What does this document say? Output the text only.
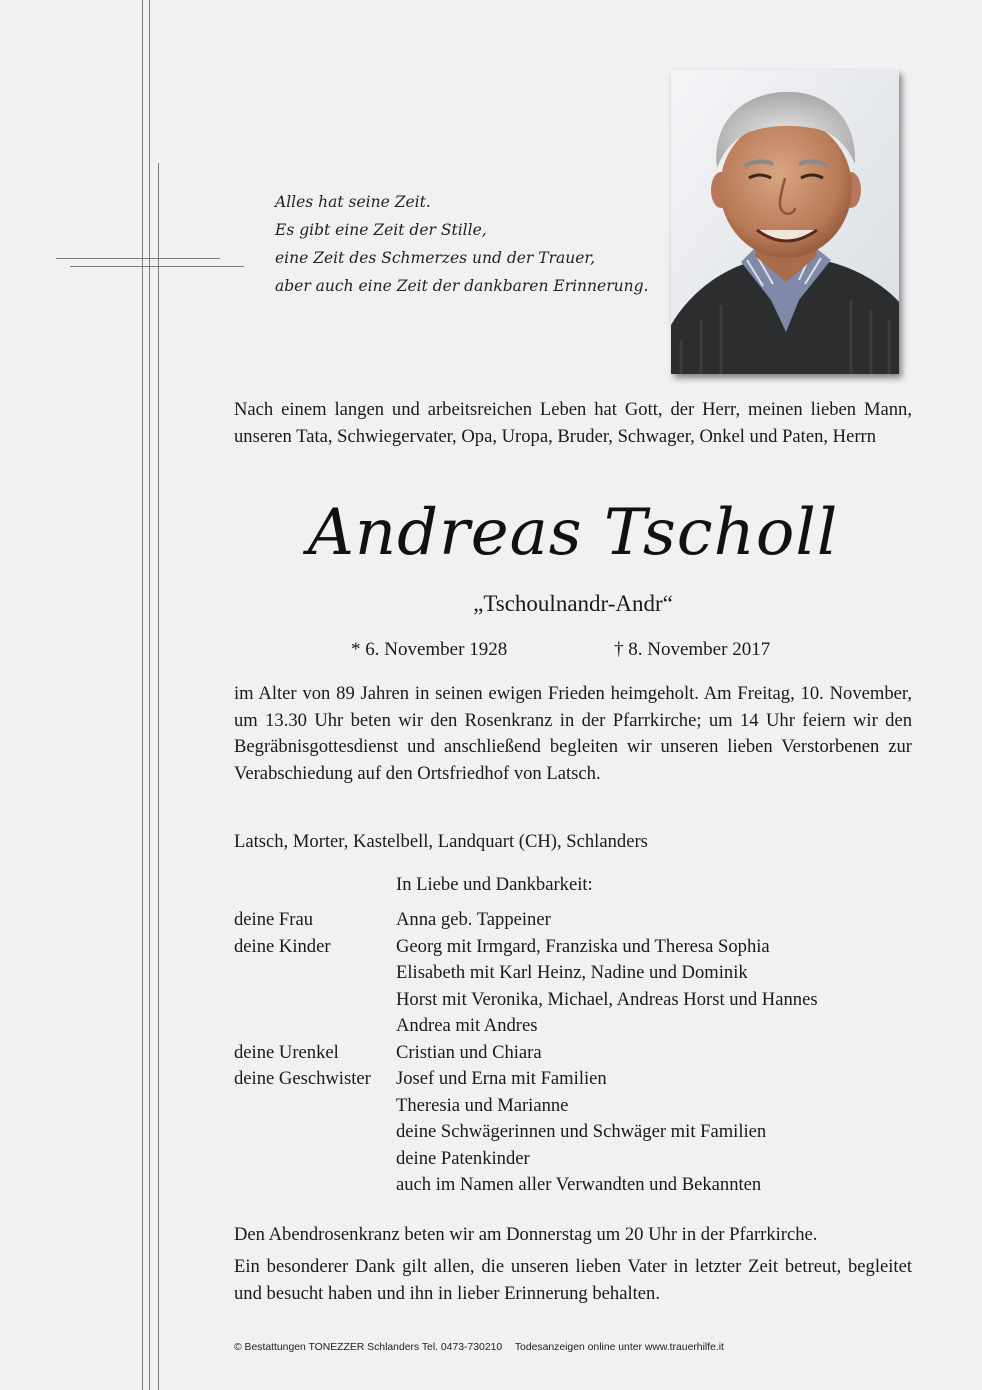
Alles hat seine Zeit.
Es gibt eine Zeit der Stille,
eine Zeit des Schmerzes und der Trauer,
aber auch eine Zeit der dankbaren Erinnerung.
Nach einem langen und arbeitsreichen Leben hat Gott, der Herr, meinen lieben Mann, unseren Tata, Schwiegervater, Opa, Uropa, Bruder, Schwager, Onkel und Paten, Herrn
Andreas Tscholl
„Tschoulnandr-Andr“
* 6. November 1928	† 8. November 2017
im Alter von 89 Jahren in seinen ewigen Frieden heimgeholt. Am Freitag, 10. November, um 13.30 Uhr beten wir den Rosenkranz in der Pfarrkirche; um 14 Uhr feiern wir den Begräbnisgottesdienst und anschließend begleiten wir unseren lieben Verstorbenen zur Verabschiedung auf den Ortsfriedhof von Latsch.
Latsch, Morter, Kastelbell, Landquart (CH), Schlanders
In Liebe und Dankbarkeit:
deine Frau	Anna geb. Tappeiner
deine Kinder	Georg mit Irmgard, Franziska und Theresa Sophia
Elisabeth mit Karl Heinz, Nadine und Dominik
Horst mit Veronika, Michael, Andreas Horst und Hannes
Andrea mit Andres
deine Urenkel	Cristian und Chiara
deine Geschwister	Josef und Erna mit Familien
Theresia und Marianne
deine Schwägerinnen und Schwäger mit Familien
deine Patenkinder
auch im Namen aller Verwandten und Bekannten
Den Abendrosenkranz beten wir am Donnerstag um 20 Uhr in der Pfarrkirche.
Ein besonderer Dank gilt allen, die unseren lieben Vater in letzter Zeit betreut, begleitet und besucht haben und ihn in lieber Erinnerung behalten.
© Bestattungen TONEZZER Schlanders Tel. 0473-730210 Todesanzeigen online unter www.trauerhilfe.it
